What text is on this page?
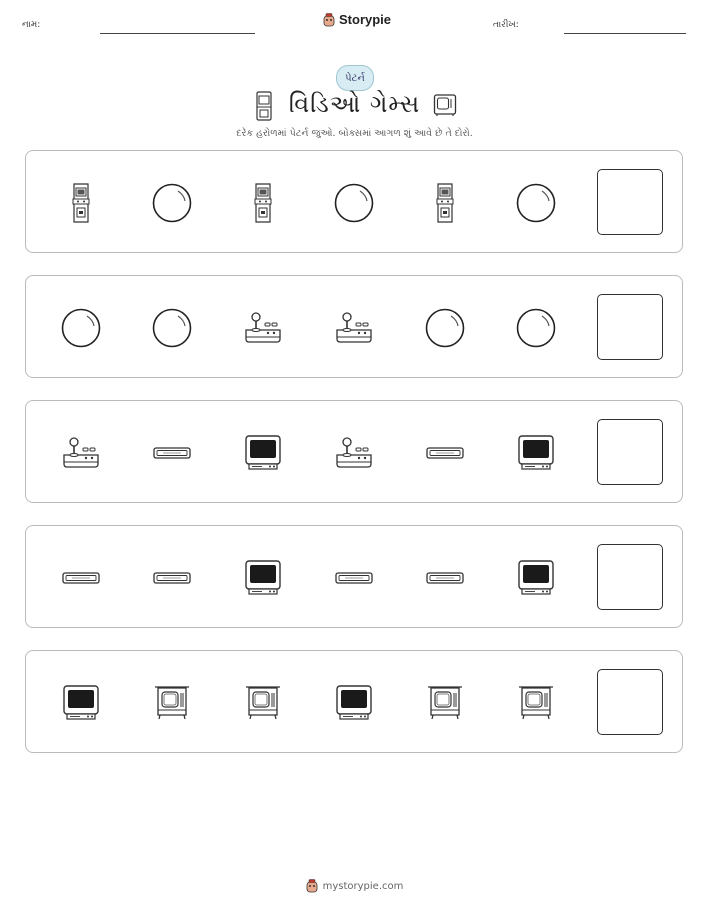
નામ:	Storypie	તારીખ:
પેટર્ન
વિડિઓ ગેમ્સ
દરેક હરોળમાં પેટર્ન જુઓ. બોક્સમાં આગળ શું આવે છે તે દોરો.
mystorypie.com
